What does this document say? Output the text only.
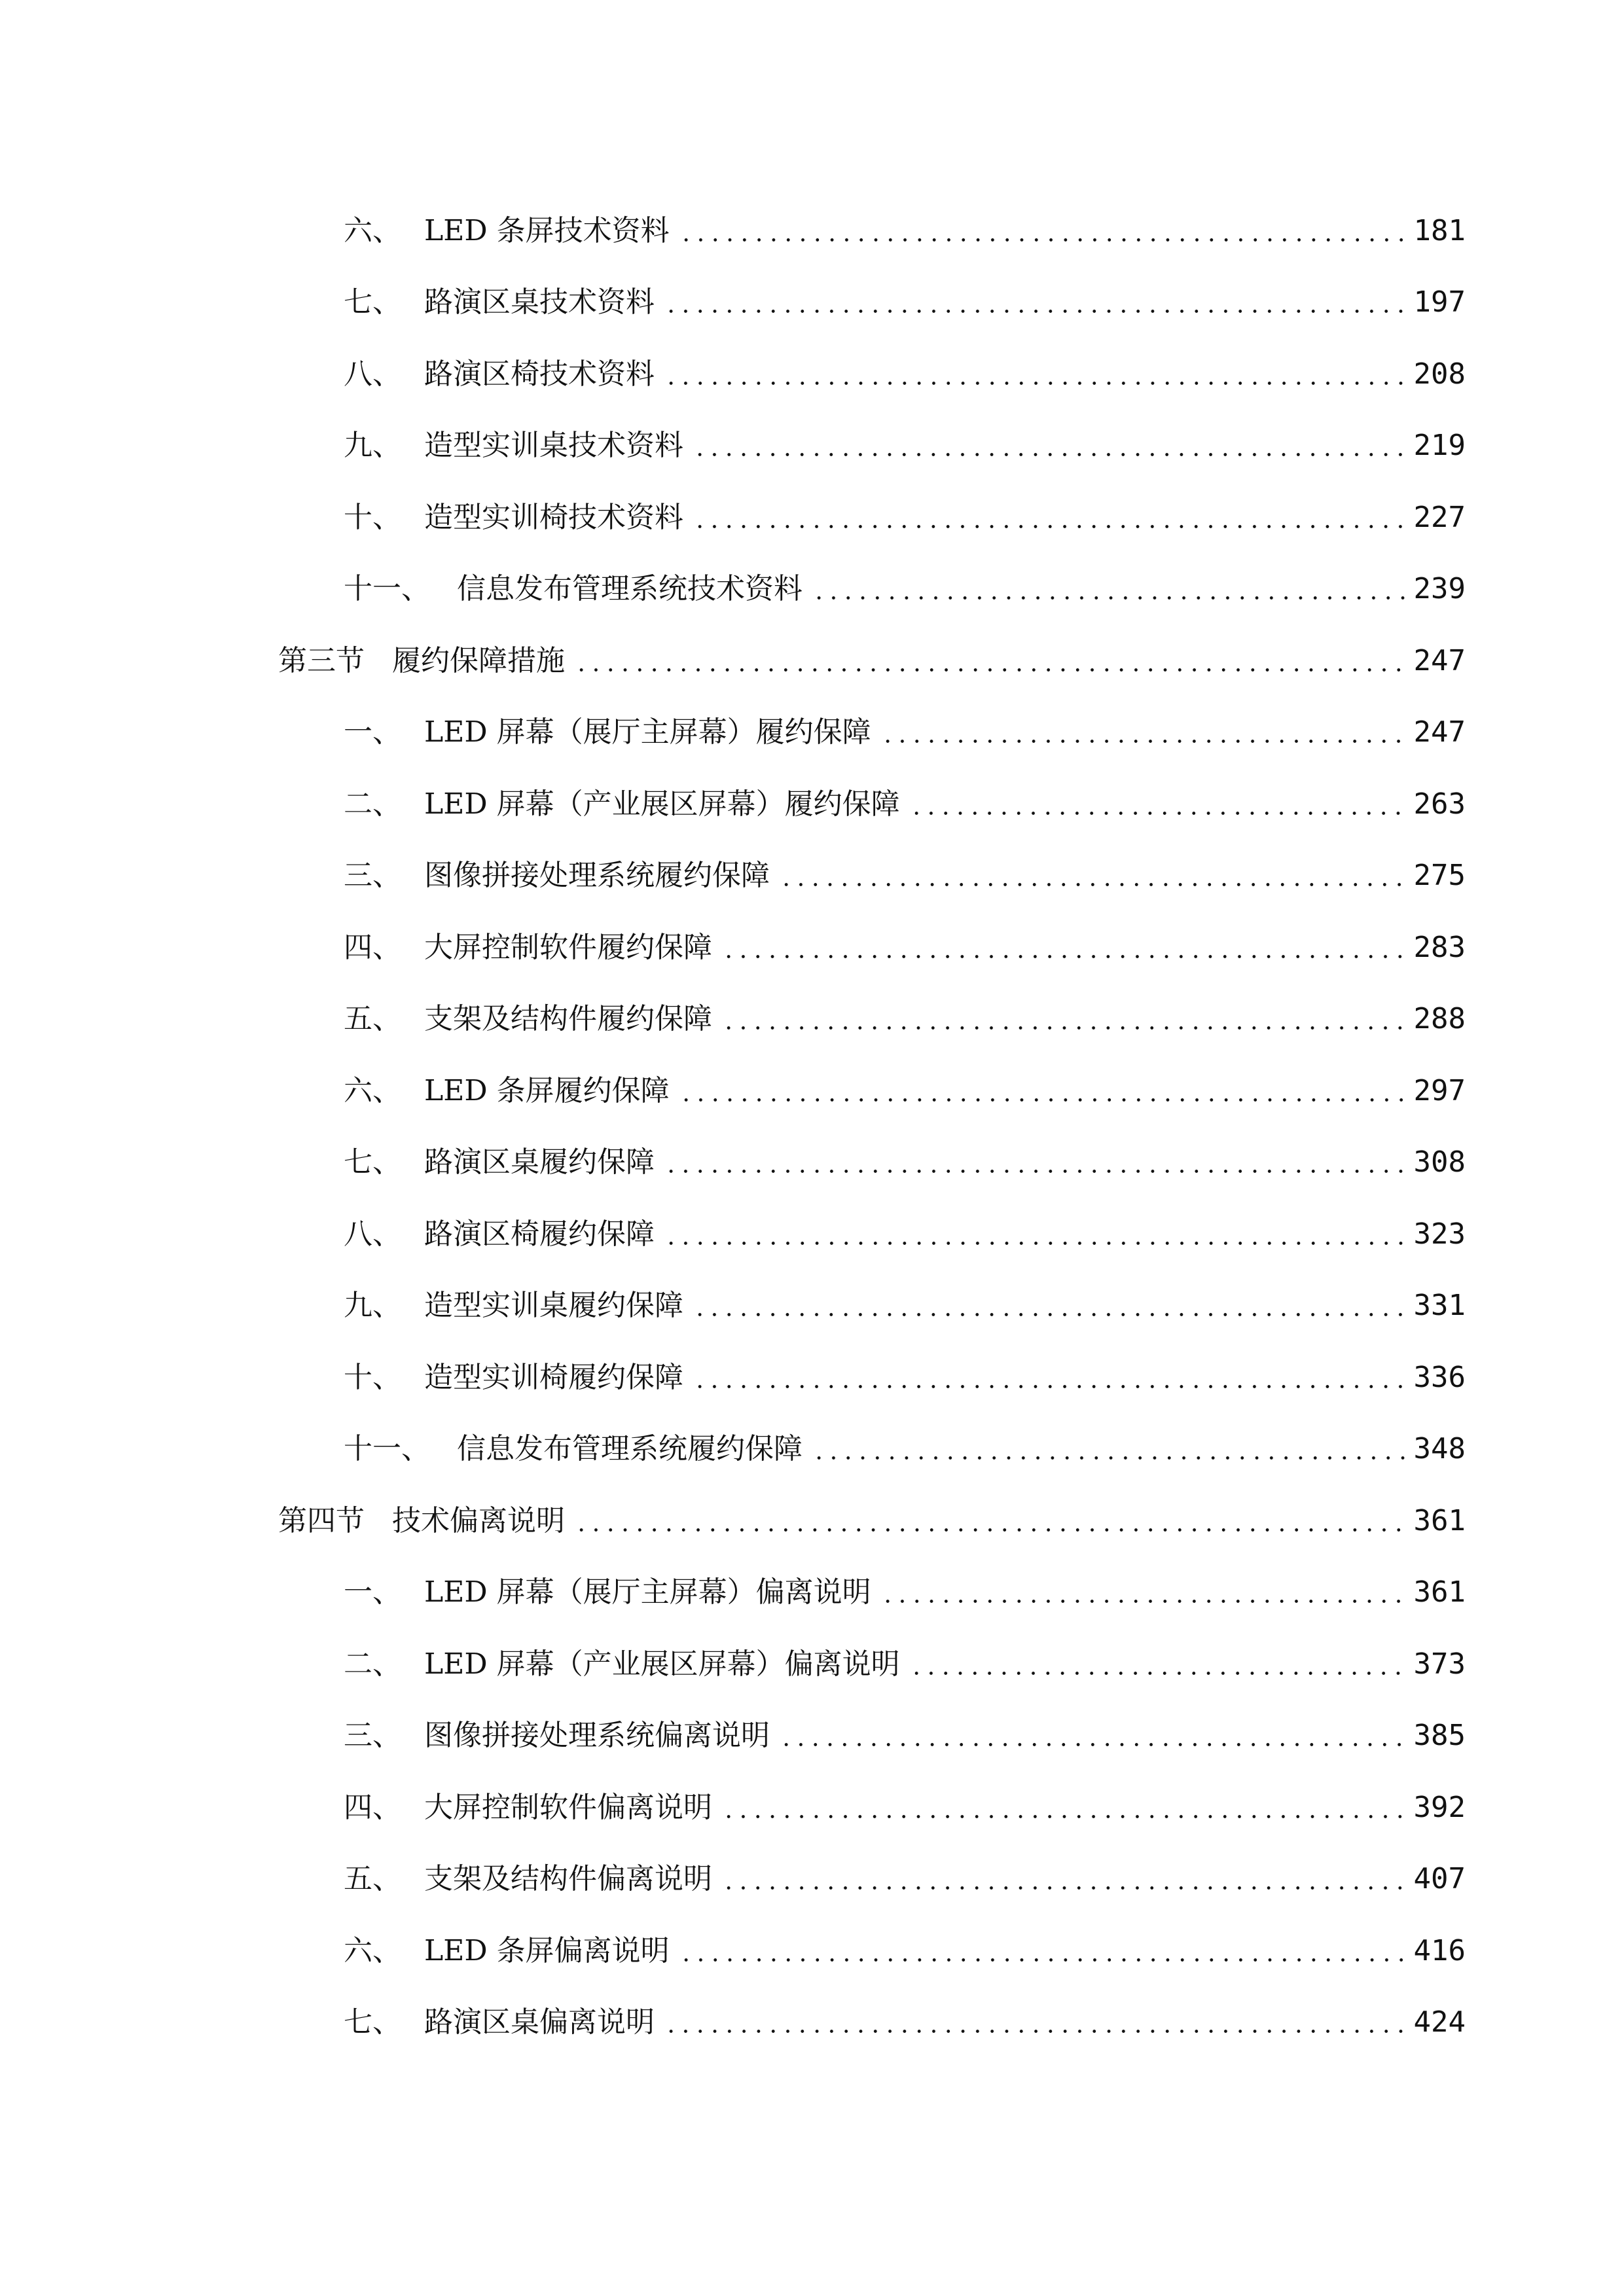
六、 LED 条屏技术资料	181
七、 路演区桌技术资料	197
八、 路演区椅技术资料	208
九、 造型实训桌技术资料	219
十、 造型实训椅技术资料	227
十一、 信息发布管理系统技术资料	239
第三节 履约保障措施	247
一、 LED 屏幕（展厅主屏幕）履约保障	247
二、 LED 屏幕（产业展区屏幕）履约保障	263
三、 图像拼接处理系统履约保障	275
四、 大屏控制软件履约保障	283
五、 支架及结构件履约保障	288
六、 LED 条屏履约保障	297
七、 路演区桌履约保障	308
八、 路演区椅履约保障	323
九、 造型实训桌履约保障	331
十、 造型实训椅履约保障	336
十一、 信息发布管理系统履约保障	348
第四节 技术偏离说明	361
一、 LED 屏幕（展厅主屏幕）偏离说明	361
二、 LED 屏幕（产业展区屏幕）偏离说明	373
三、 图像拼接处理系统偏离说明	385
四、 大屏控制软件偏离说明	392
五、 支架及结构件偏离说明	407
六、 LED 条屏偏离说明	416
七、 路演区桌偏离说明	424
